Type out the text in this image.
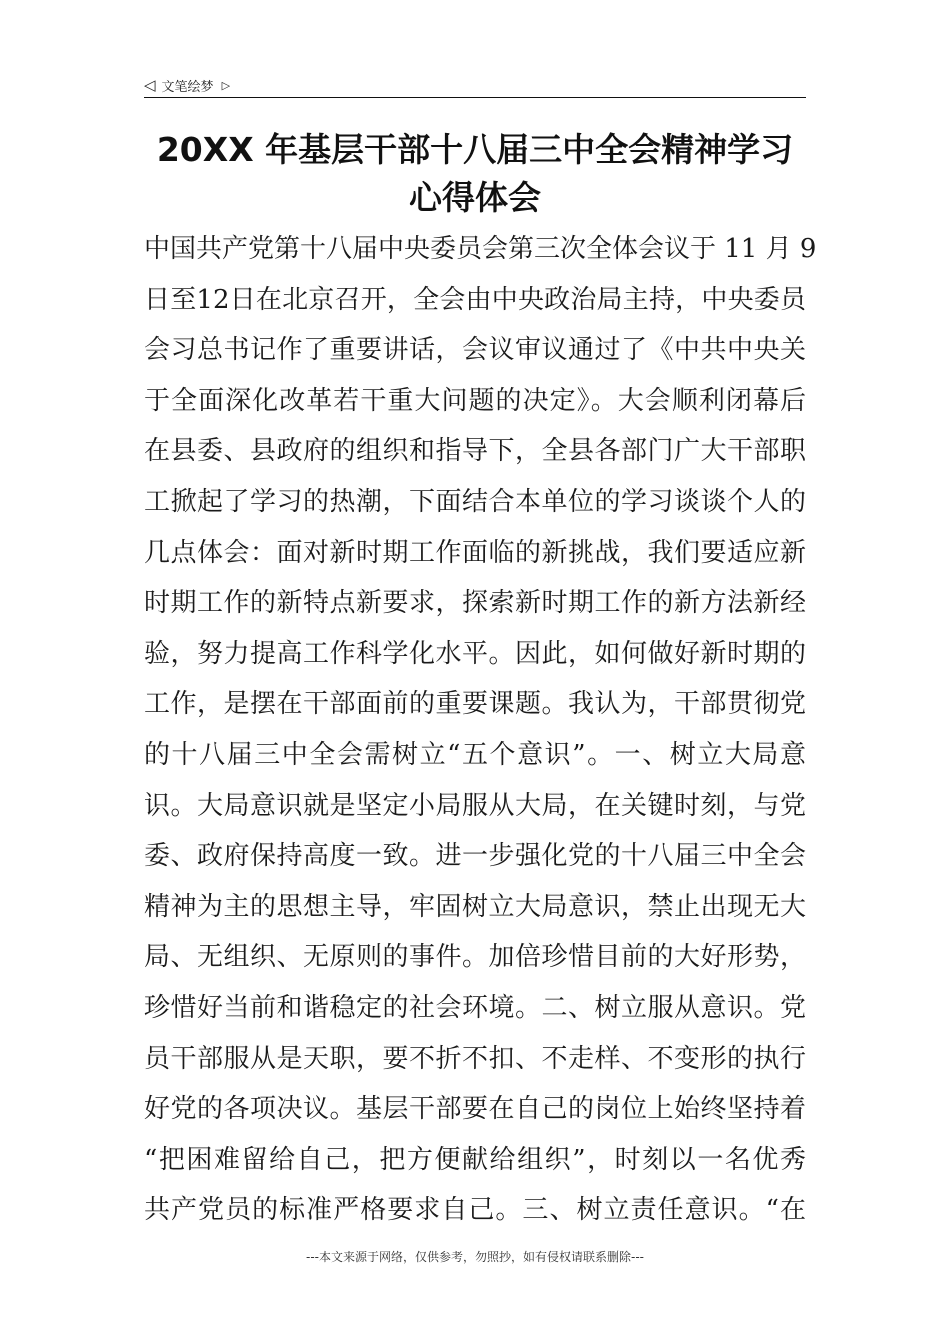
◁ 文笔绘梦 ▷
20XX 年基层干部十八届三中全会精神学习
心得体会
中国共产党第十八届中央委员会第三次全体会议于 11 月 9
日至12日在北京召开，全会由中央政治局主持，中央委员
会习总书记作了重要讲话，会议审议通过了《中共中央关
于全面深化改革若干重大问题的决定》。大会顺利闭幕后
在县委、县政府的组织和指导下，全县各部门广大干部职
工掀起了学习的热潮，下面结合本单位的学习谈谈个人的
几点体会：面对新时期工作面临的新挑战，我们要适应新
时期工作的新特点新要求，探索新时期工作的新方法新经
验，努力提高工作科学化水平。因此，如何做好新时期的
工作，是摆在干部面前的重要课题。我认为，干部贯彻党
的十八届三中全会需树立“五个意识”。一、树立大局意
识。大局意识就是坚定小局服从大局，在关键时刻，与党
委、政府保持高度一致。进一步强化党的十八届三中全会
精神为主的思想主导，牢固树立大局意识，禁止出现无大
局、无组织、无原则的事件。加倍珍惜目前的大好形势，
珍惜好当前和谐稳定的社会环境。二、树立服从意识。党
员干部服从是天职，要不折不扣、不走样、不变形的执行
好党的各项决议。基层干部要在自己的岗位上始终坚持着
“把困难留给自己，把方便献给组织”，时刻以一名优秀
共产党员的标准严格要求自己。三、树立责任意识。“在
---本文来源于网络，仅供参考，勿照抄，如有侵权请联系删除---
